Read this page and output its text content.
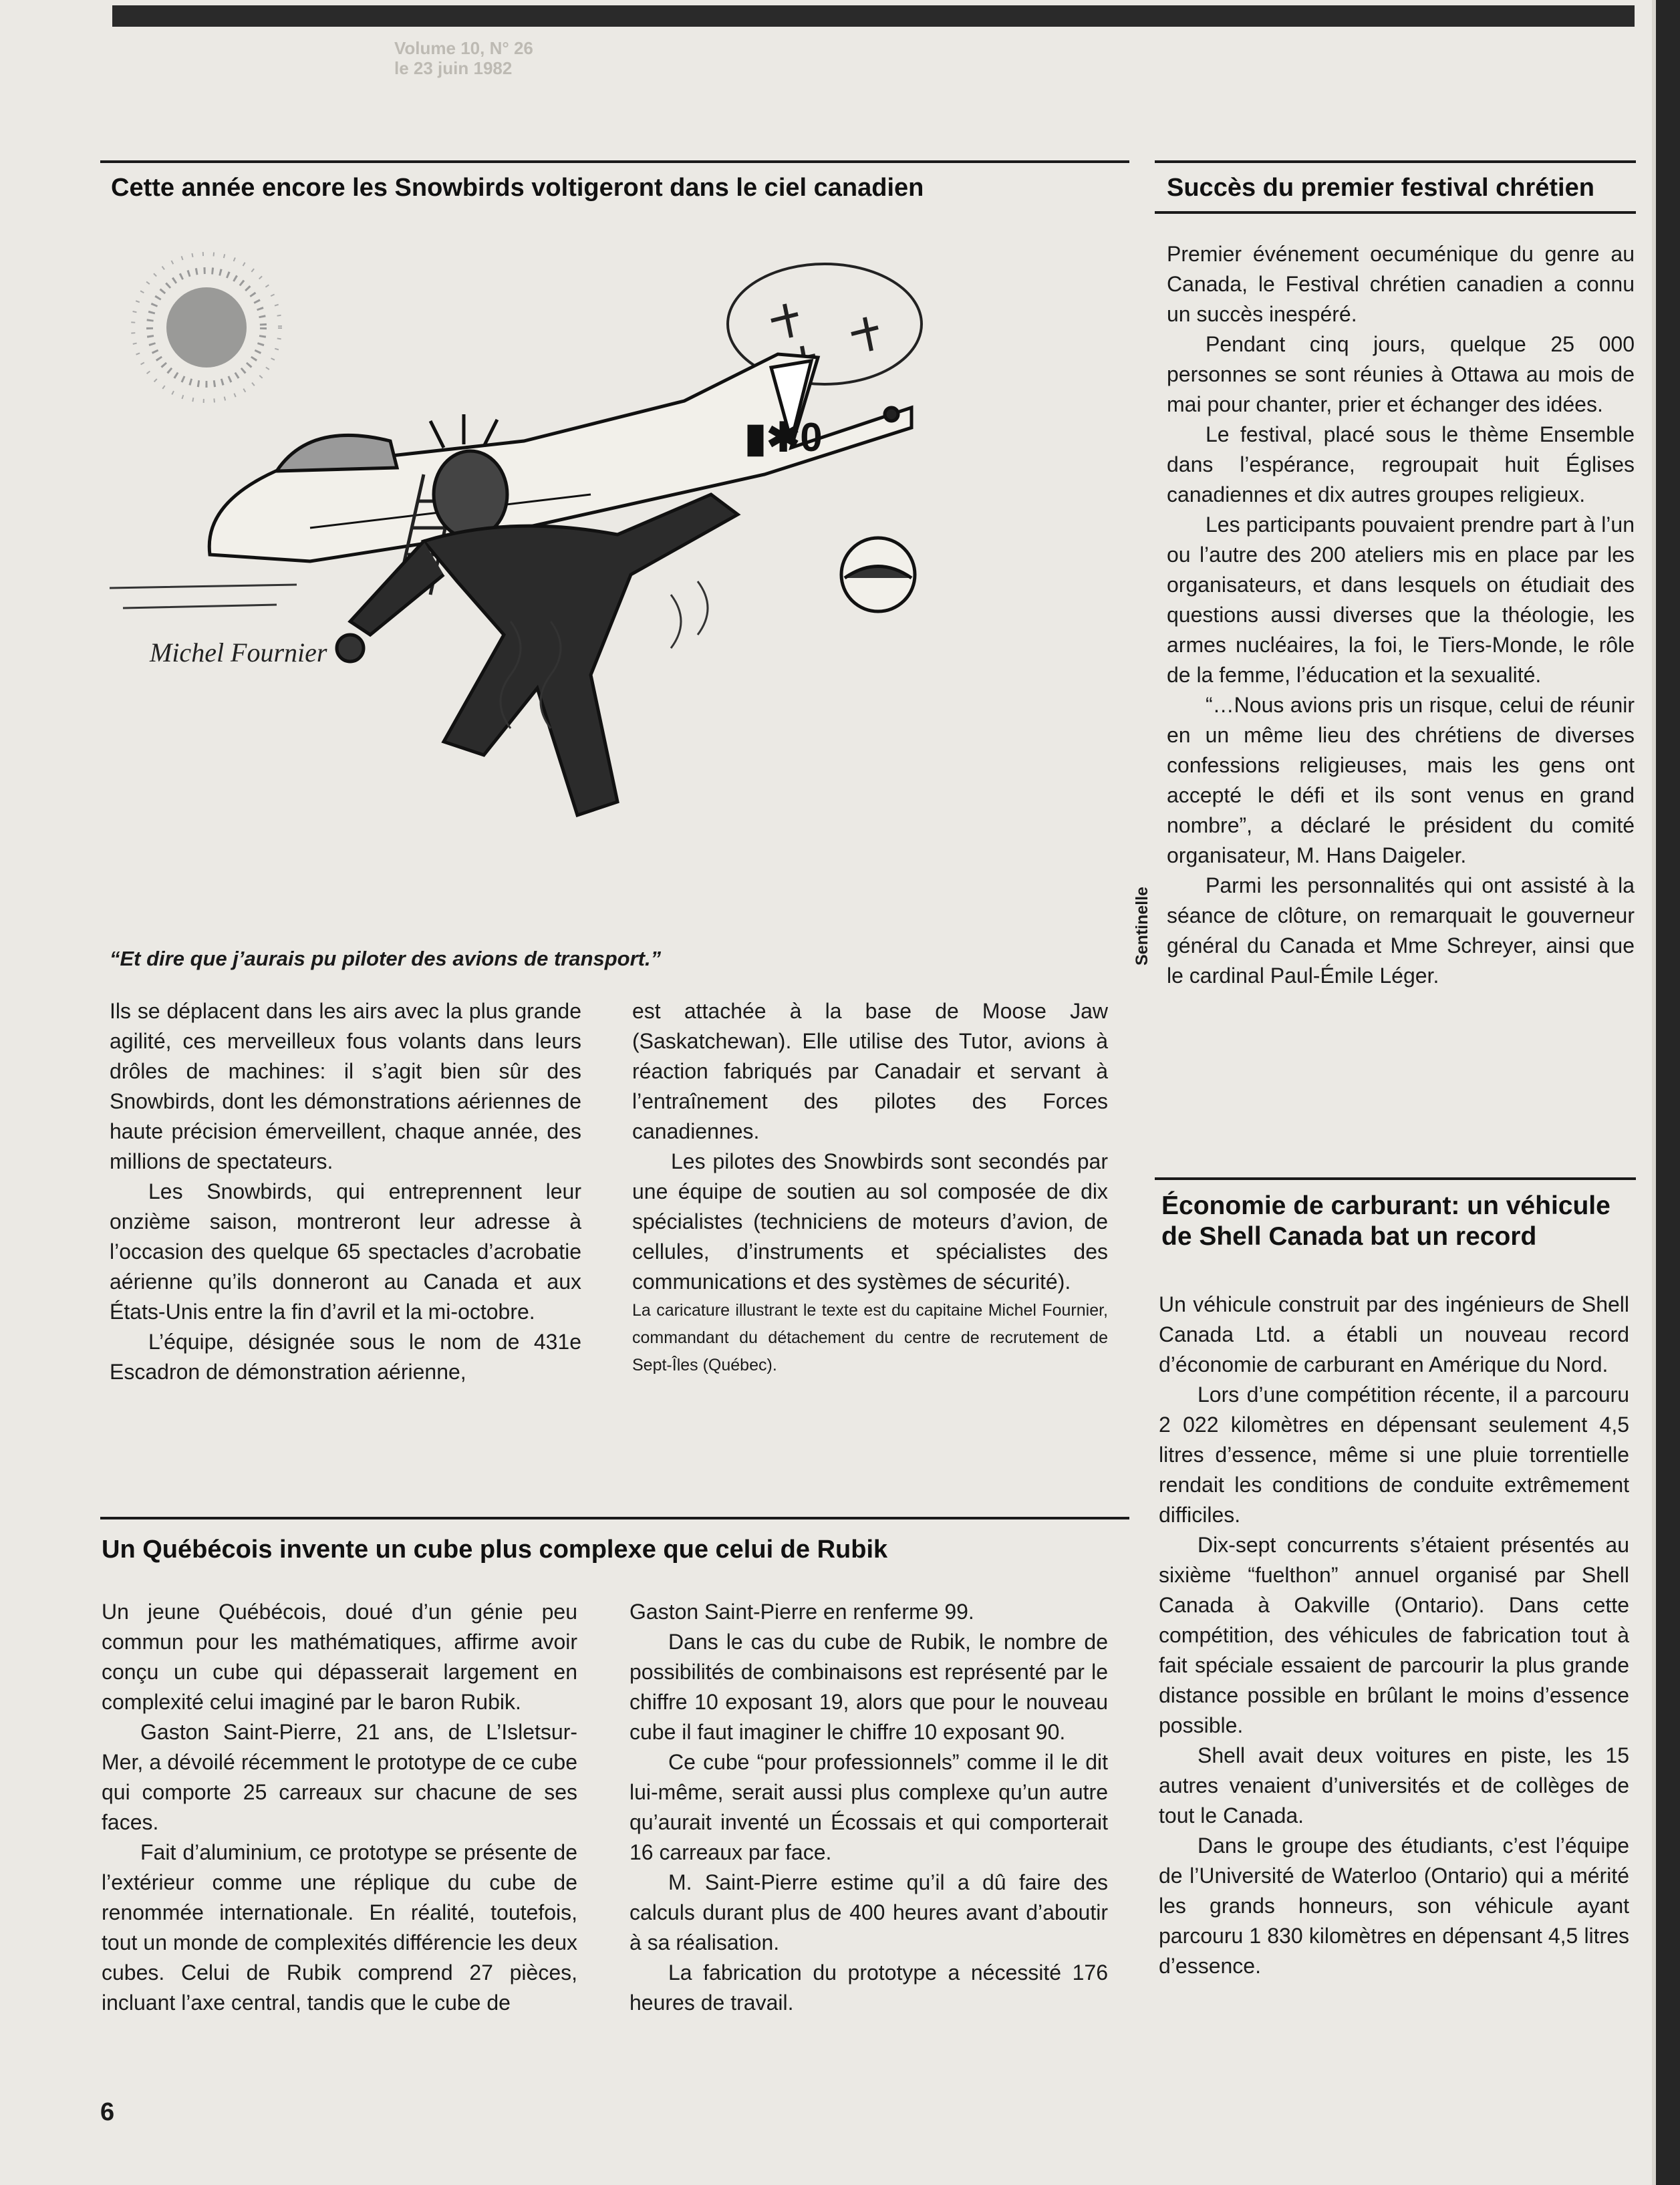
Volume 10, N° 26
le 23 juin 1982
Cette année encore les Snowbirds voltigeront dans le ciel canadien
▮✱0
Michel Fournier
Sentinelle
“Et dire que j’aurais pu piloter des avions de transport.”

Ils se déplacent dans les airs avec la plus grande agilité, ces merveilleux fous volants dans leurs drôles de machines: il s’agit bien sûr des Snowbirds, dont les démonstrations aériennes de haute précision émerveillent, chaque année, des millions de spectateurs.

Les Snowbirds, qui entreprennent leur onzième saison, montreront leur adresse à l’occasion des quelque 65 spectacles d’acrobatie aérienne qu’ils donneront au Canada et aux États-Unis entre la fin d’avril et la mi-octobre.

L’équipe, désignée sous le nom de 431e Escadron de démonstration aérienne,

est attachée à la base de Moose Jaw (Saskatchewan). Elle utilise des Tutor, avions à réaction fabriqués par Canadair et servant à l’entraînement des pilotes des Forces canadiennes.

Les pilotes des Snowbirds sont secondés par une équipe de soutien au sol composée de dix spécialistes (techniciens de moteurs d’avion, de cellules, d’instruments et spécialistes des communications et des systèmes de sécurité).

La caricature illustrant le texte est du capitaine Michel Fournier, commandant du détachement du centre de recrutement de Sept-Îles (Québec).

Succès du premier festival chrétien

Premier événement oecuménique du genre au Canada, le Festival chrétien canadien a connu un succès inespéré.

Pendant cinq jours, quelque 25 000 personnes se sont réunies à Ottawa au mois de mai pour chanter, prier et échanger des idées.

Le festival, placé sous le thème Ensemble dans l’espérance, regroupait huit Églises canadiennes et dix autres groupes religieux.

Les participants pouvaient prendre part à l’un ou l’autre des 200 ateliers mis en place par les organisateurs, et dans lesquels on étudiait des questions aussi diverses que la théologie, les armes nucléaires, la foi, le Tiers-Monde, le rôle de la femme, l’éducation et la sexualité.

“…Nous avions pris un risque, celui de réunir en un même lieu des chrétiens de diverses confessions religieuses, mais les gens ont accepté le défi et ils sont venus en grand nombre”, a déclaré le président du comité organisateur, M. Hans Daigeler.

Parmi les personnalités qui ont assisté à la séance de clôture, on remarquait le gouverneur général du Canada et Mme Schreyer, ainsi que le cardinal Paul-Émile Léger.

Économie de carburant: un véhicule de Shell Canada bat un record

Un véhicule construit par des ingénieurs de Shell Canada Ltd. a établi un nouveau record d’économie de carburant en Amérique du Nord.

Lors d’une compétition récente, il a parcouru 2 022 kilomètres en dépensant seulement 4,5 litres d’essence, même si une pluie torrentielle rendait les conditions de conduite extrêmement difficiles.

Dix-sept concurrents s’étaient présentés au sixième “fuelthon” annuel organisé par Shell Canada à Oakville (Ontario). Dans cette compétition, des véhicules de fabrication tout à fait spéciale essaient de parcourir la plus grande distance possible en brûlant le moins d’essence possible.

Shell avait deux voitures en piste, les 15 autres venaient d’universités et de collèges de tout le Canada.

Dans le groupe des étudiants, c’est l’équipe de l’Université de Waterloo (Ontario) qui a mérité les grands honneurs, son véhicule ayant parcouru 1 830 kilomètres en dépensant 4,5 litres d’essence.

Un Québécois invente un cube plus complexe que celui de Rubik

Un jeune Québécois, doué d’un génie peu commun pour les mathématiques, affirme avoir conçu un cube qui dépasserait largement en complexité celui imaginé par le baron Rubik.

Gaston Saint-Pierre, 21 ans, de L’Isletsur-Mer, a dévoilé récemment le prototype de ce cube qui comporte 25 carreaux sur chacune de ses faces.

Fait d’aluminium, ce prototype se présente de l’extérieur comme une réplique du cube de renommée internationale. En réalité, toutefois, tout un monde de complexités différencie les deux cubes. Celui de Rubik comprend 27 pièces, incluant l’axe central, tandis que le cube de

Gaston Saint-Pierre en renferme 99.

Dans le cas du cube de Rubik, le nombre de possibilités de combinaisons est représenté par le chiffre 10 exposant 19, alors que pour le nouveau cube il faut imaginer le chiffre 10 exposant 90.

Ce cube “pour professionnels” comme il le dit lui-même, serait aussi plus complexe qu’un autre qu’aurait inventé un Écossais et qui comporterait 16 carreaux par face.

M. Saint-Pierre estime qu’il a dû faire des calculs durant plus de 400 heures avant d’aboutir à sa réalisation.

La fabrication du prototype a nécessité 176 heures de travail.

6
